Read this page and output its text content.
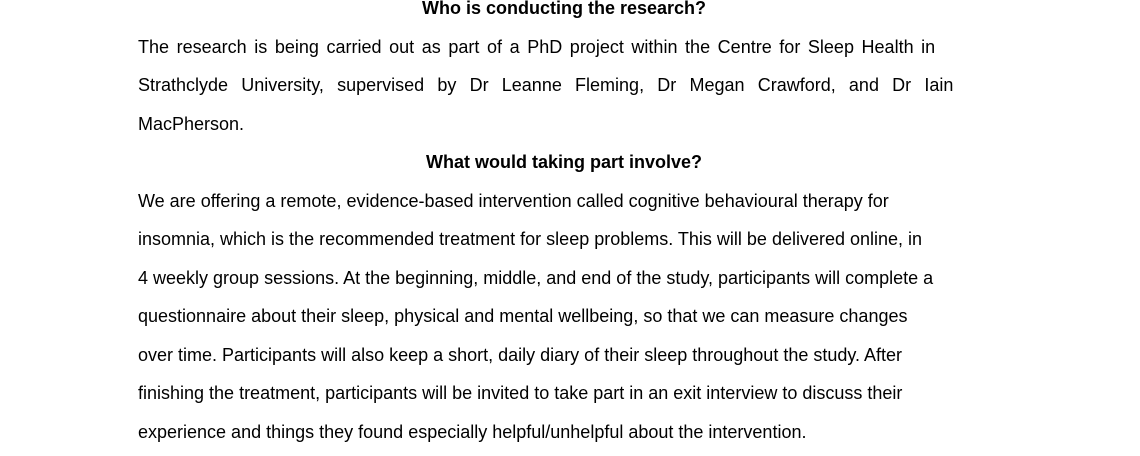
Who is conducting the research?
The research is being carried out as part of a PhD project within the Centre for Sleep Health in
Strathclyde University, supervised by Dr Leanne Fleming, Dr Megan Crawford, and Dr Iain
MacPherson.
What would taking part involve?
We are offering a remote, evidence-based intervention called cognitive behavioural therapy for
insomnia, which is the recommended treatment for sleep problems. This will be delivered online, in
4 weekly group sessions. At the beginning, middle, and end of the study, participants will complete a
questionnaire about their sleep, physical and mental wellbeing, so that we can measure changes
over time. Participants will also keep a short, daily diary of their sleep throughout the study. After
finishing the treatment, participants will be invited to take part in an exit interview to discuss their
experience and things they found especially helpful/unhelpful about the intervention.
